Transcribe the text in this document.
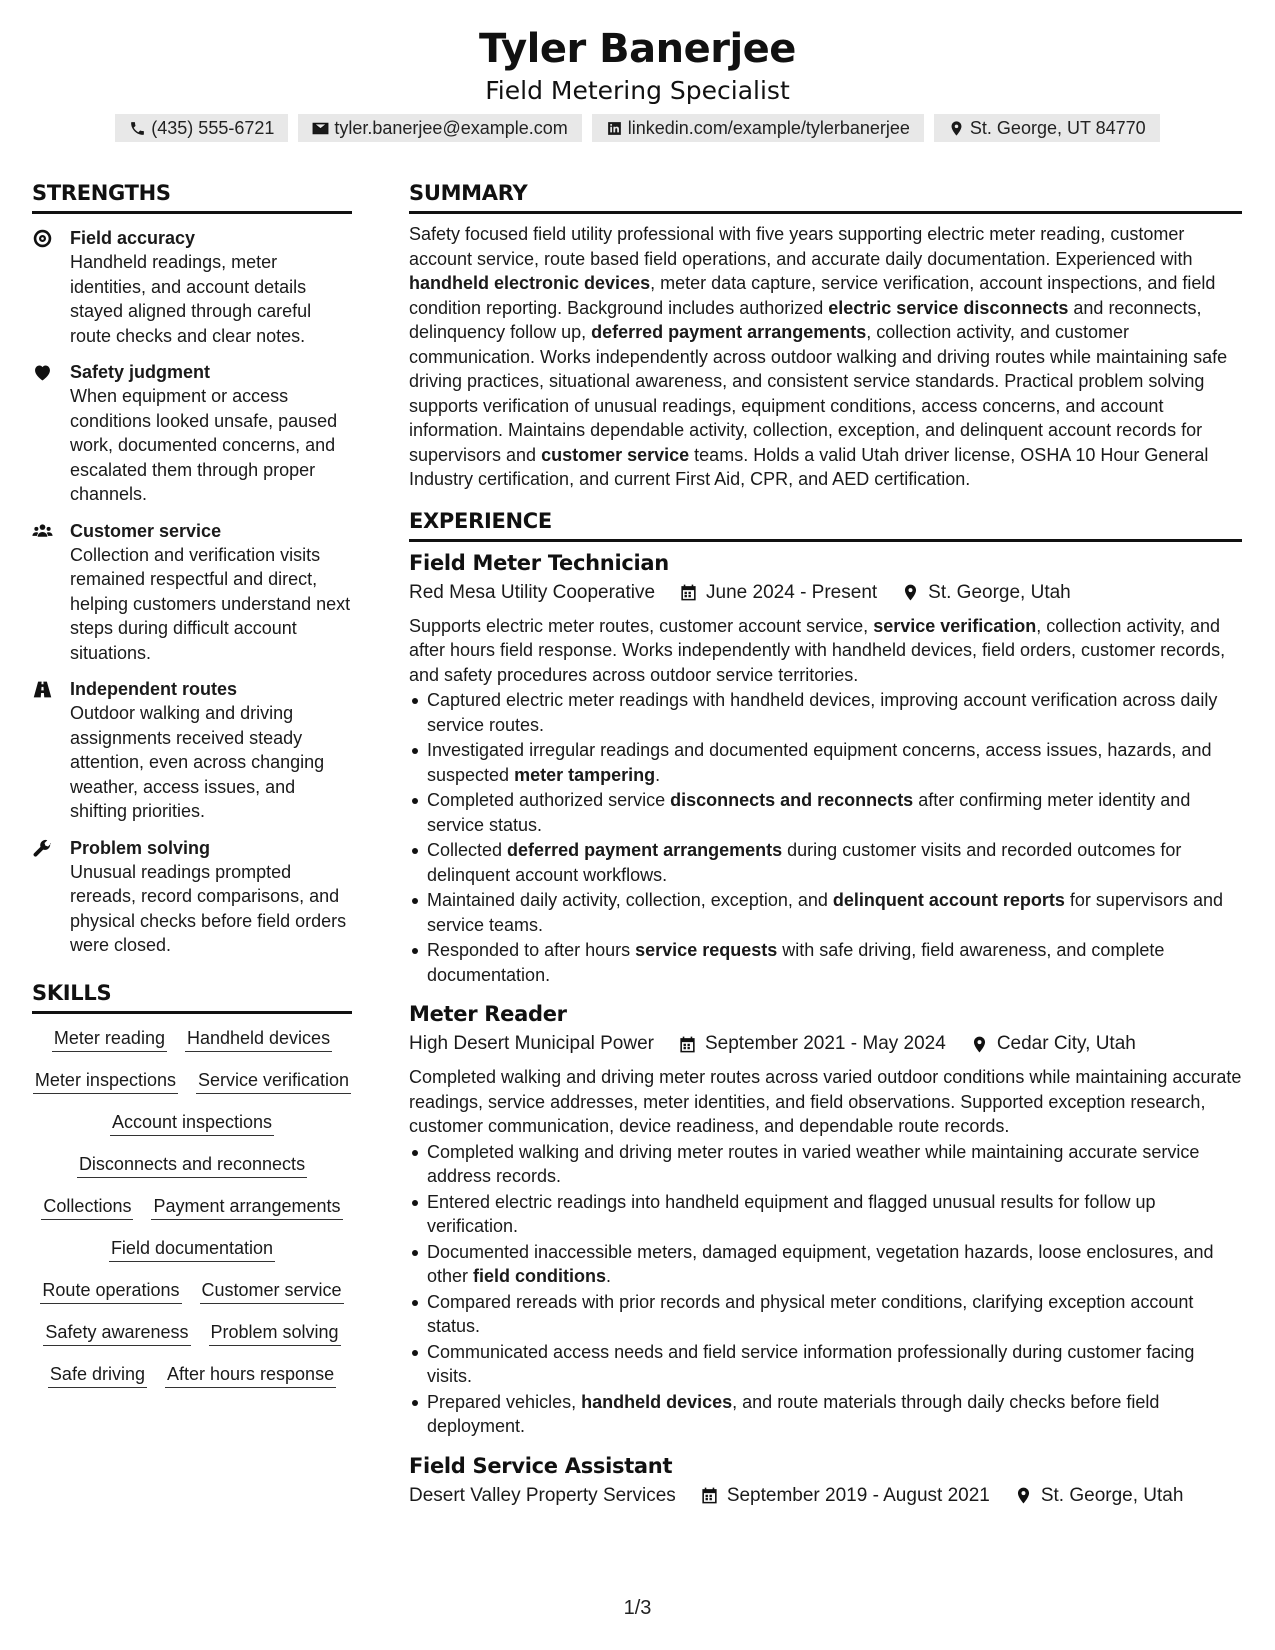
Tyler Banerjee
Field Metering Specialist
(435) 555-6721	tyler.banerjee@example.com	linkedin.com/example/tylerbanerjee	St. George, UT 84770
STRENGTHS
Field accuracy
Handheld readings, meter identities, and account details stayed aligned through careful route checks and clear notes.
Safety judgment
When equipment or access conditions looked unsafe, paused work, documented concerns, and escalated them through proper channels.
Customer service
Collection and verification visits remained respectful and direct, helping customers understand next steps during difficult account situations.
Independent routes
Outdoor walking and driving assignments received steady attention, even across changing weather, access issues, and shifting priorities.
Problem solving
Unusual readings prompted rereads, record comparisons, and physical checks before field orders were closed.
SKILLS
Meter reading Handheld devices
Meter inspections Service verification
Account inspections
Disconnects and reconnects
Collections Payment arrangements
Field documentation
Route operations Customer service
Safety awareness Problem solving
Safe driving After hours response
SUMMARY

Safety focused field utility professional with five years supporting electric meter reading, customer account service, route based field operations, and accurate daily documentation. Experienced with handheld electronic devices, meter data capture, service verification, account inspections, and field condition reporting. Background includes authorized electric service disconnects and reconnects, delinquency follow up, deferred payment arrangements, collection activity, and customer communication. Works independently across outdoor walking and driving routes while maintaining safe driving practices, situational awareness, and consistent service standards. Practical problem solving supports verification of unusual readings, equipment conditions, access concerns, and account information. Maintains dependable activity, collection, exception, and delinquent account records for supervisors and customer service teams. Holds a valid Utah driver license, OSHA 10 Hour General Industry certification, and current First Aid, CPR, and AED certification.

EXPERIENCE
Field Meter Technician
Red Mesa Utility Cooperative	June 2024 - Present	St. George, Utah

Supports electric meter routes, customer account service, service verification, collection activity, and after hours field response. Works independently with handheld devices, field orders, customer records, and safety procedures across outdoor service territories.

Captured electric meter readings with handheld devices, improving account verification across daily service routes.
Investigated irregular readings and documented equipment concerns, access issues, hazards, and suspected meter tampering.
Completed authorized service disconnects and reconnects after confirming meter identity and service status.
Collected deferred payment arrangements during customer visits and recorded outcomes for delinquent account workflows.
Maintained daily activity, collection, exception, and delinquent account reports for supervisors and service teams.
Responded to after hours service requests with safe driving, field awareness, and complete documentation.
Meter Reader
High Desert Municipal Power	September 2021 - May 2024	Cedar City, Utah

Completed walking and driving meter routes across varied outdoor conditions while maintaining accurate readings, service addresses, meter identities, and field observations. Supported exception research, customer communication, device readiness, and dependable route records.

Completed walking and driving meter routes in varied weather while maintaining accurate service address records.
Entered electric readings into handheld equipment and flagged unusual results for follow up verification.
Documented inaccessible meters, damaged equipment, vegetation hazards, loose enclosures, and other field conditions.
Compared rereads with prior records and physical meter conditions, clarifying exception account status.
Communicated access needs and field service information professionally during customer facing visits.
Prepared vehicles, handheld devices, and route materials through daily checks before field deployment.
Field Service Assistant
Desert Valley Property Services	September 2019 - August 2021	St. George, Utah
1/3
